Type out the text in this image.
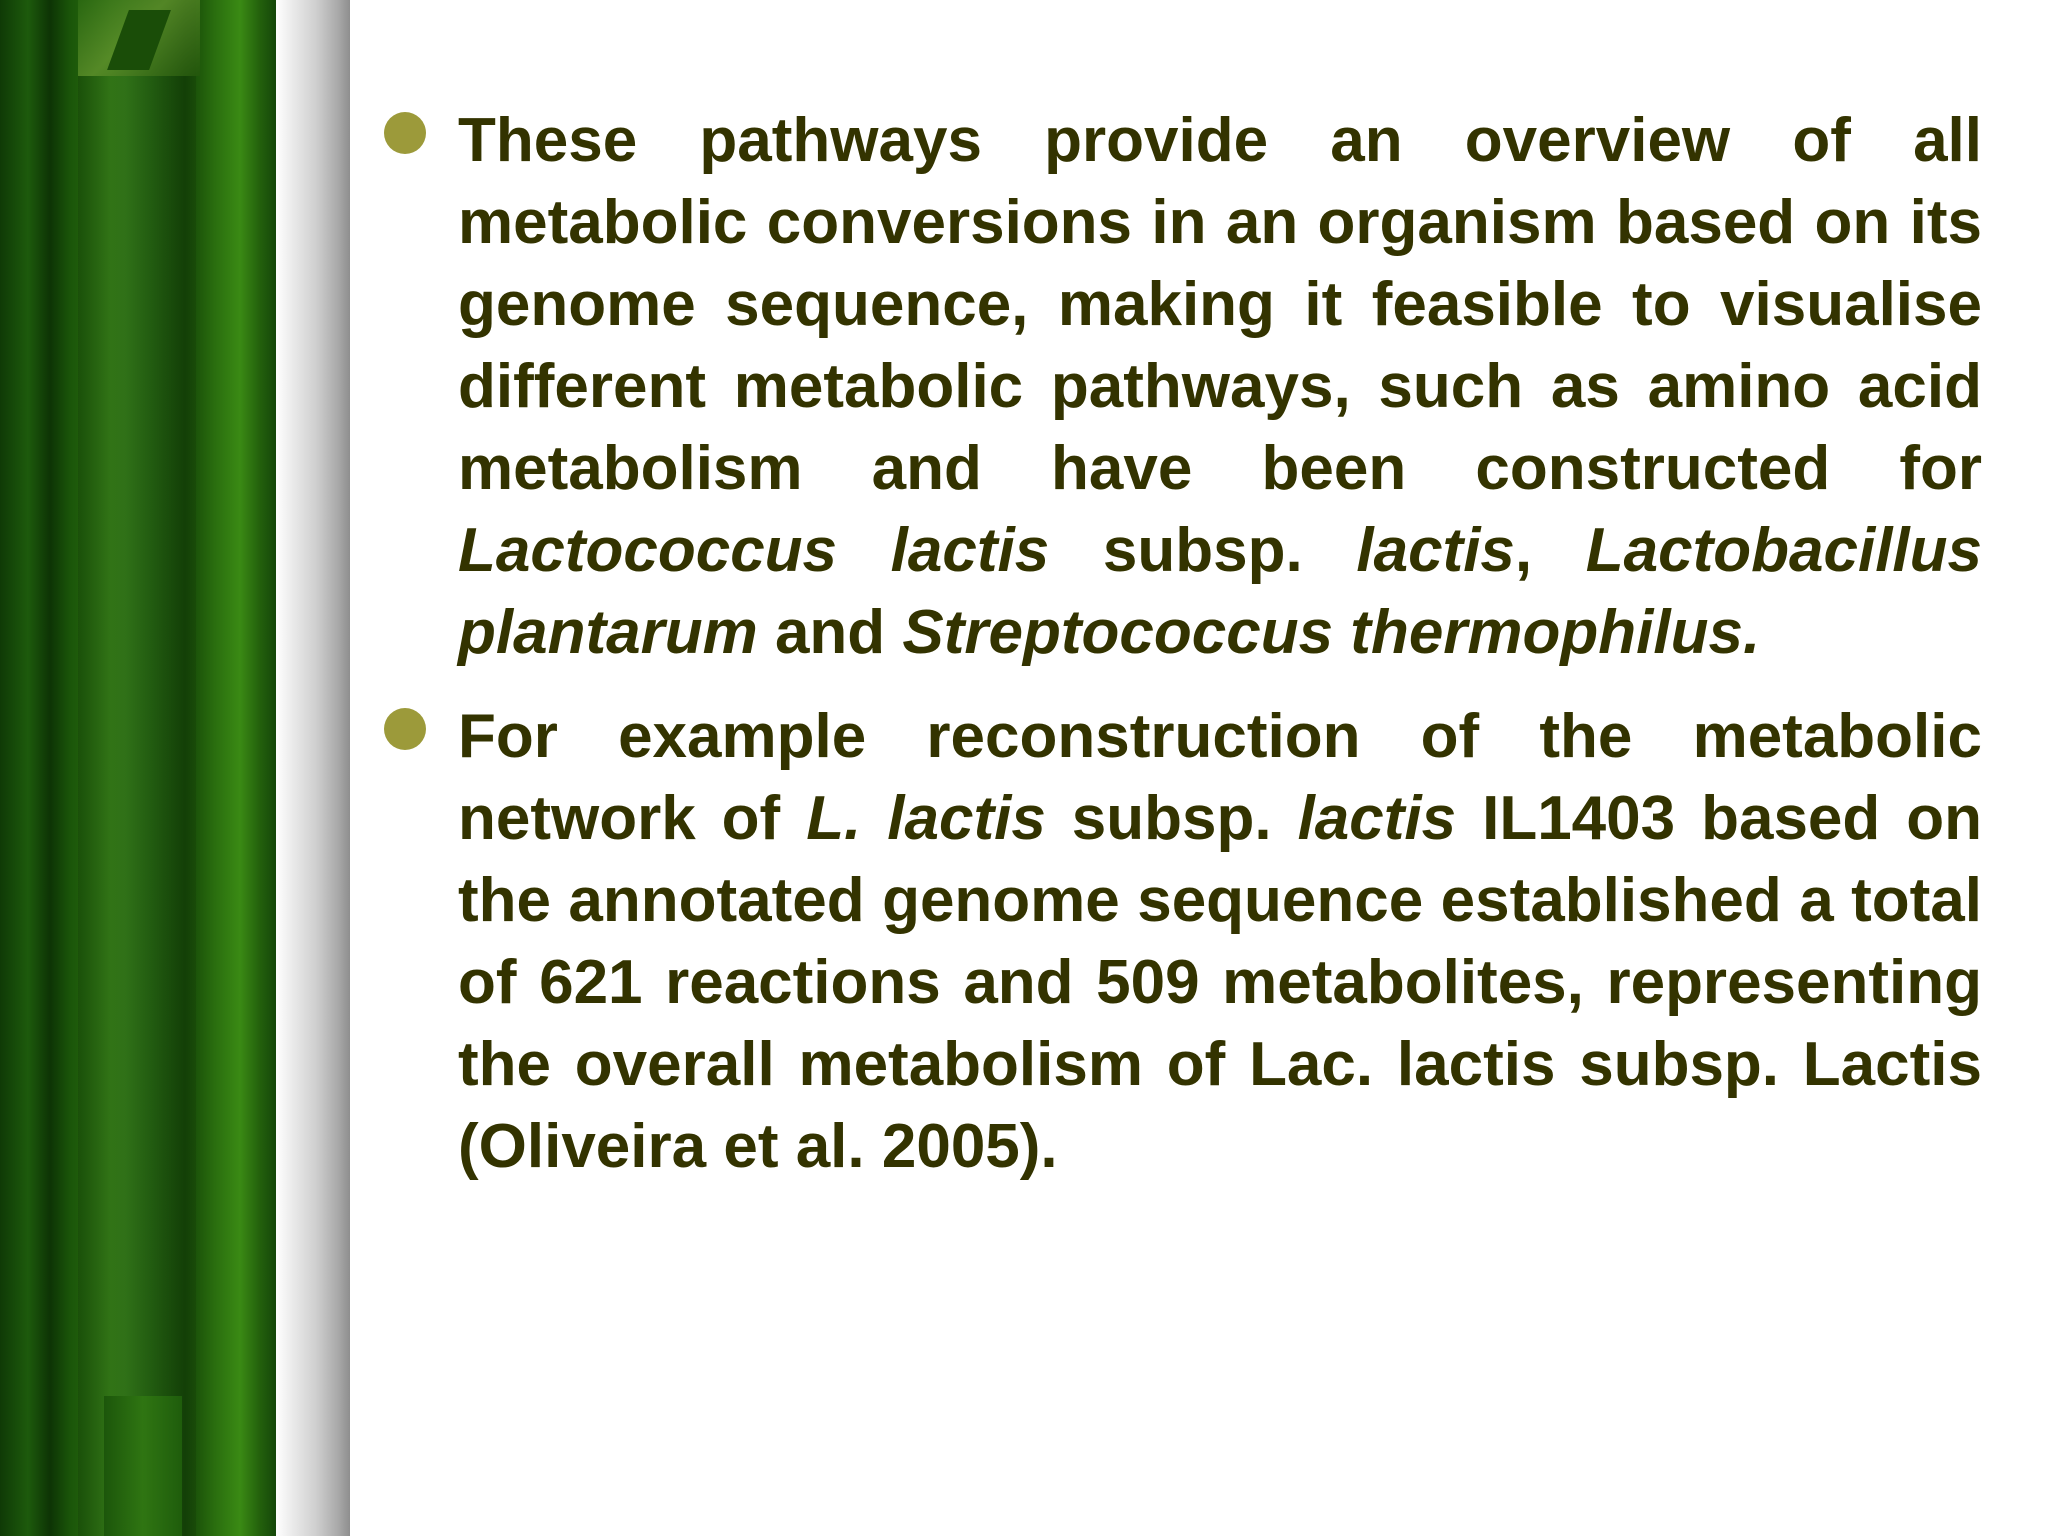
These pathways provide an overview of all metabolic conversions in an organism based on its genome sequence, making it feasible to visualise different metabolic pathways, such as amino acid metabolism and have been constructed for Lactococcus lactis subsp. lactis, Lactobacillus plantarum and Streptococcus thermophilus.

For example reconstruction of the metabolic network of L. lactis subsp. lactis IL1403 based on the annotated genome sequence established a total of 621 reactions and 509 metabolites, representing the overall metabolism of Lac. lactis subsp. Lactis (Oliveira et al. 2005).
